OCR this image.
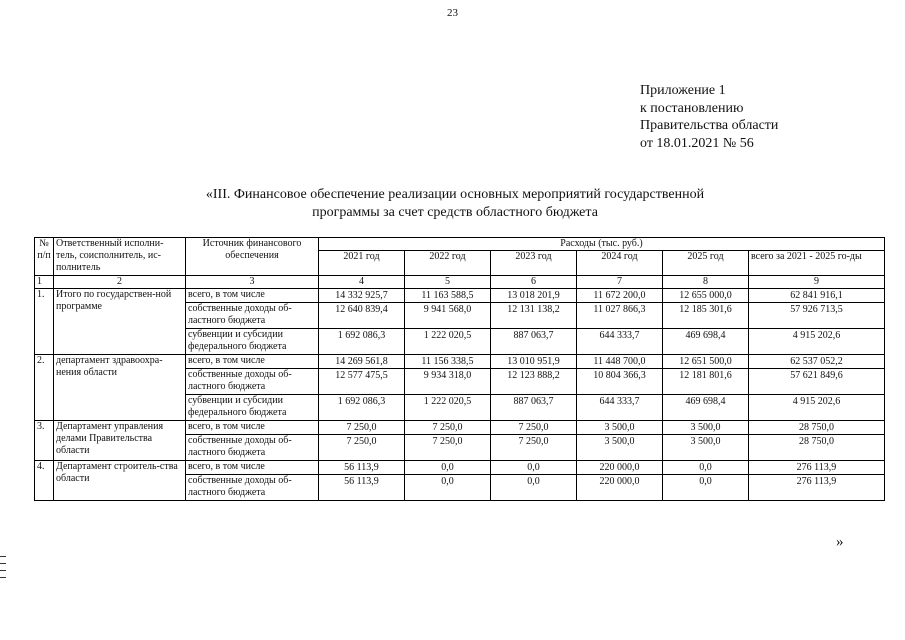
23
Приложение 1
к постановлению
Правительства области
от 18.01.2021 № 56
«III. Финансовое обеспечение реализации основных мероприятий государственной
программы за счет средств областного бюджета
№ п/п	Ответственный исполни-тель, соисполнитель, ис-полнитель	Источник финансового обеспечения	Расходы (тыс. руб.)					
			2021 год	2022 год	2023 год	2024 год	2025 год	всего за 2021 - 2025 го-ды
1	2	3	4	5	6	7	8	9
1.	Итого по государствен-ной программе	всего, в том числе	14 332 925,7	11 163 588,5	13 018 201,9	11 672 200,0	12 655 000,0	62 841 916,1
		собственные доходы об-ластного бюджета	12 640 839,4	9 941 568,0	12 131 138,2	11 027 866,3	12 185 301,6	57 926 713,5
		субвенции и субсидии федерального бюджета	1 692 086,3	1 222 020,5	887 063,7	644 333,7	469 698,4	4 915 202,6
2.	департамент здравоохра-нения области	всего, в том числе	14 269 561,8	11 156 338,5	13 010 951,9	11 448 700,0	12 651 500,0	62 537 052,2
		собственные доходы об-ластного бюджета	12 577 475,5	9 934 318,0	12 123 888,2	10 804 366,3	12 181 801,6	57 621 849,6
		субвенции и субсидии федерального бюджета	1 692 086,3	1 222 020,5	887 063,7	644 333,7	469 698,4	4 915 202,6
3.	Департамент управления делами Правительства области	всего, в том числе	7 250,0	7 250,0	7 250,0	3 500,0	3 500,0	28 750,0
		собственные доходы об-ластного бюджета	7 250,0	7 250,0	7 250,0	3 500,0	3 500,0	28 750,0
4.	Департамент строитель-ства области	всего, в том числе	56 113,9	0,0	0,0	220 000,0	0,0	276 113,9
		собственные доходы об-ластного бюджета	56 113,9	0,0	0,0	220 000,0	0,0	276 113,9
»
